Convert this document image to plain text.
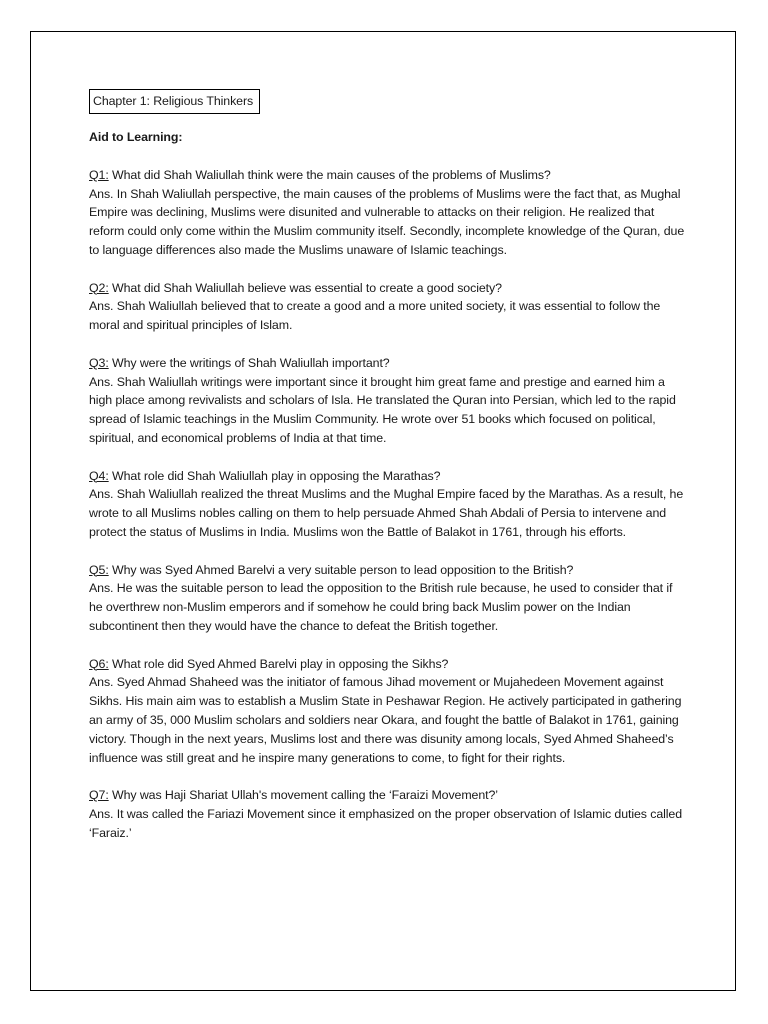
Chapter 1: Religious Thinkers
Aid to Learning:
Q1: What did Shah Waliullah think were the main causes of the problems of Muslims?
Ans. In Shah Waliullah perspective, the main causes of the problems of Muslims were the fact that, as Mughal Empire was declining, Muslims were disunited and vulnerable to attacks on their religion. He realized that reform could only come within the Muslim community itself. Secondly, incomplete knowledge of the Quran, due to language differences also made the Muslims unaware of Islamic teachings.
Q2: What did Shah Waliullah believe was essential to create a good society?
Ans. Shah Waliullah believed that to create a good and a more united society, it was essential to follow the moral and spiritual principles of Islam.
Q3: Why were the writings of Shah Waliullah important?
Ans. Shah Waliullah writings were important since it brought him great fame and prestige and earned him a high place among revivalists and scholars of Isla. He translated the Quran into Persian, which led to the rapid spread of Islamic teachings in the Muslim Community. He wrote over 51 books which focused on political, spiritual, and economical problems of India at that time.
Q4: What role did Shah Waliullah play in opposing the Marathas?
Ans. Shah Waliullah realized the threat Muslims and the Mughal Empire faced by the Marathas. As a result, he wrote to all Muslims nobles calling on them to help persuade Ahmed Shah Abdali of Persia to intervene and protect the status of Muslims in India. Muslims won the Battle of Balakot in 1761, through his efforts.
Q5: Why was Syed Ahmed Barelvi a very suitable person to lead opposition to the British?
Ans. He was the suitable person to lead the opposition to the British rule because, he used to consider that if he overthrew non-Muslim emperors and if somehow he could bring back Muslim power on the Indian subcontinent then they would have the chance to defeat the British together.
Q6: What role did Syed Ahmed Barelvi play in opposing the Sikhs?
Ans. Syed Ahmad Shaheed was the initiator of famous Jihad movement or Mujahedeen Movement against Sikhs. His main aim was to establish a Muslim State in Peshawar Region. He actively participated in gathering an army of 35, 000 Muslim scholars and soldiers near Okara, and fought the battle of Balakot in 1761, gaining victory. Though in the next years, Muslims lost and there was disunity among locals, Syed Ahmed Shaheed’s influence was still great and he inspire many generations to come, to fight for their rights.
Q7: Why was Haji Shariat Ullah's movement calling the ‘Faraizi Movement?’
Ans. It was called the Fariazi Movement since it emphasized on the proper observation of Islamic duties called ‘Faraiz.’
